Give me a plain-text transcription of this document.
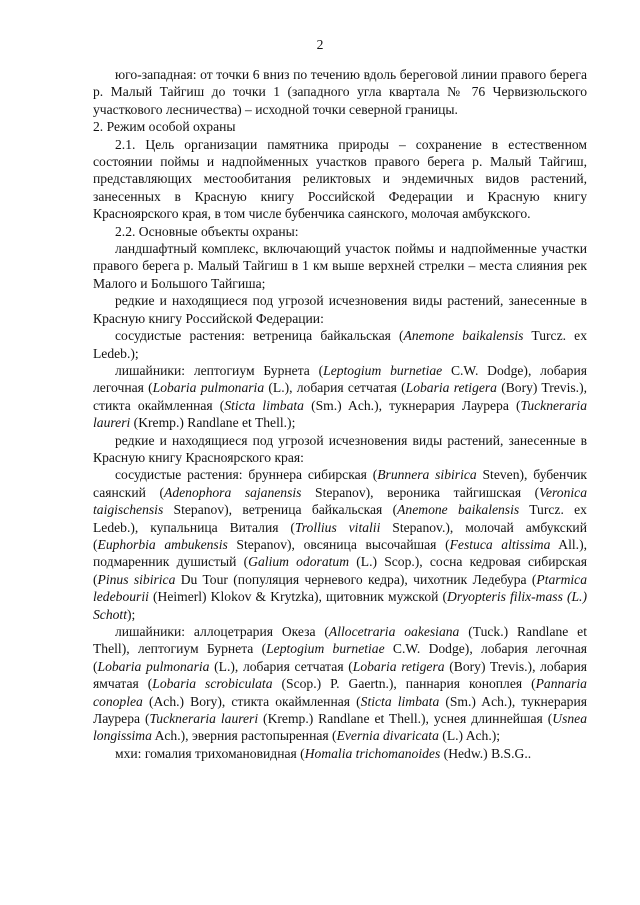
2

юго-западная: от точки 6 вниз по течению вдоль береговой линии правого берега р. Малый Тайгиш до точки 1 (западного угла квартала № 76 Червизюльского участкового лесничества) – исходной точки северной границы.

2. Режим особой охраны

2.1. Цель организации памятника природы – сохранение в естественном состоянии поймы и надпойменных участков правого берега р. Малый Тайгиш, представляющих местообитания реликтовых и эндемичных видов растений, занесенных в Красную книгу Российской Федерации и Красную книгу Красноярского края, в том числе бубенчика саянского, молочая амбукского.

2.2. Основные объекты охраны:

ландшафтный комплекс, включающий участок поймы и надпойменные участки правого берега р. Малый Тайгиш в 1 км выше верхней стрелки – места слияния рек Малого и Большого Тайгиша;

редкие и находящиеся под угрозой исчезновения виды растений, занесенные в Красную книгу Российской Федерации:

сосудистые растения: ветреница байкальская (Anemone baikalensis Turcz. ex Ledeb.);

лишайники: лептогиум Бурнета (Leptogium burnetiae C.W. Dodge), лобария легочная (Lobaria pulmonaria (L.), лобария сетчатая (Lobaria retigera (Bory) Trevis.), стикта окаймленная (Sticta limbata (Sm.) Ach.), тукнерария Лаурера (Tuckneraria laureri (Kremp.) Randlane et Thell.);

редкие и находящиеся под угрозой исчезновения виды растений, занесенные в Красную книгу Красноярского края:

сосудистые растения: бруннера сибирская (Brunnera sibirica Steven), бубенчик саянский (Adenophora sajanensis Stepanov), вероника тайгишская (Veronica taigischensis Stepanov), ветреница байкальская (Anemone baikalensis Turcz. ex Ledeb.), купальница Виталия (Trollius vitalii Stepanov.), молочай амбукский (Euphorbia ambukensis Stepanov), овсяница высочайшая (Festuca altissima All.), подмаренник душистый (Galium odoratum (L.) Scop.), сосна кедровая сибирская (Pinus sibirica Du Tour (популяция черневого кедра), чихотник Ледебура (Ptarmica ledebourii (Heimerl) Klokov & Krytzka), щитовник мужской (Dryopteris filix-mass (L.) Schott);

лишайники: аллоцетрария Океза (Allocetraria oakesiana (Tuck.) Randlane et Thell), лептогиум Бурнета (Leptogium burnetiae C.W. Dodge), лобария легочная (Lobaria pulmonaria (L.), лобария сетчатая (Lobaria retigera (Bory) Trevis.), лобария ямчатая (Lobaria scrobiculata (Scop.) P. Gaertn.), паннария коноплея (Pannaria conoplea (Ach.) Bory), стикта окаймленная (Sticta limbata (Sm.) Ach.), тукнерария Лаурера (Tuckneraria laureri (Kremp.) Randlane et Thell.), уснея длиннейшая (Usnea longissima Ach.), эверния растопыренная (Evernia divaricata (L.) Ach.);

мхи: гомалия трихомановидная (Homalia trichomanoides (Hedw.) B.S.G..
